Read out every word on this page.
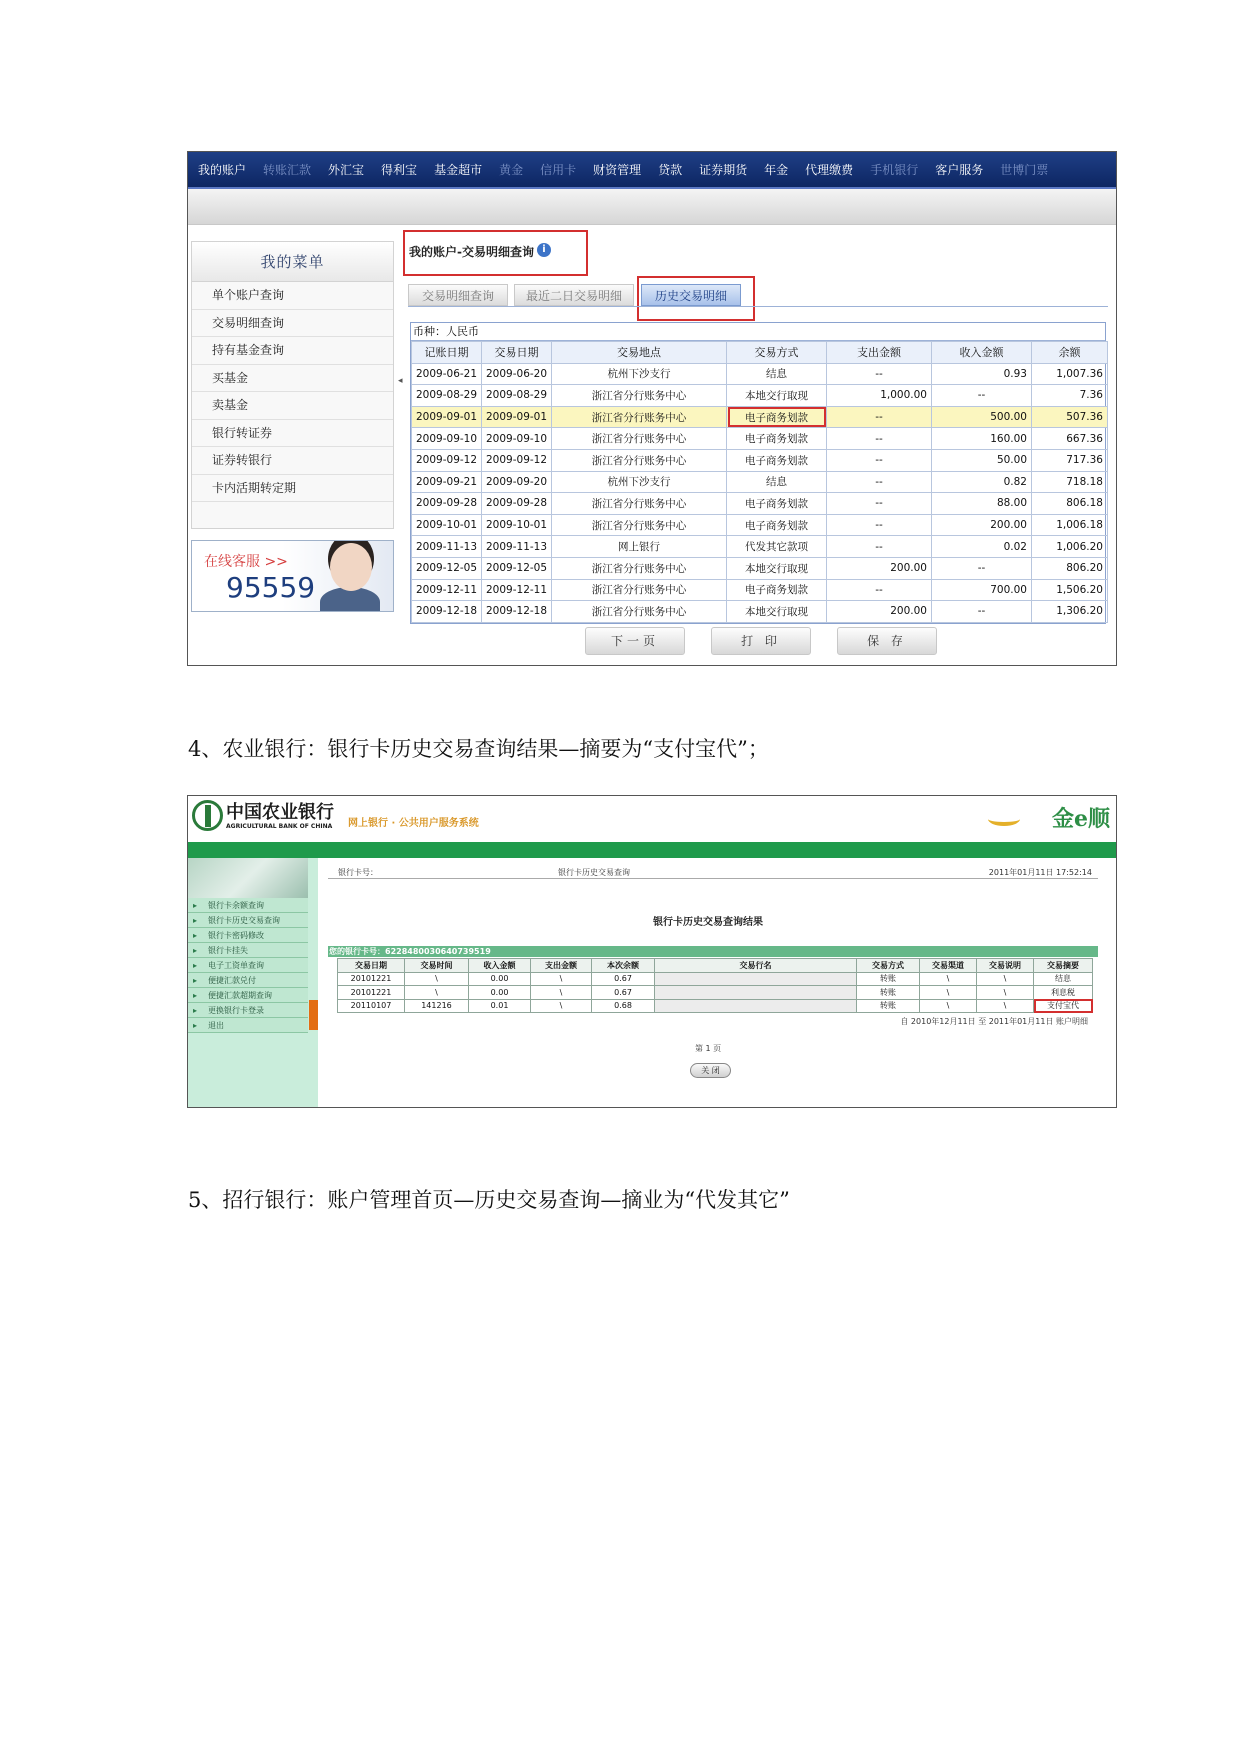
我的账户 转账汇款 外汇宝 得利宝 基金超市 黄金 信用卡 财资管理 贷款 证券期货 年金 代理缴费 手机银行 客户服务 世博门票
我的菜单
单个账户查询
交易明细查询
持有基金查询
买基金
卖基金
银行转证券
证券转银行
卡内活期转定期
在线客服 >>
95559
◂
我的账户-交易明细查询 i
交易明细查询	最近二日交易明细	历史交易明细
币种：人民币
记账日期	交易日期	交易地点	交易方式	支出金额	收入金额	余额
2009-06-21	2009-06-20	杭州下沙支行	结息	--	0.93	1,007.36
2009-08-29	2009-08-29	浙江省分行账务中心	本地交行取现	1,000.00	--	7.36
2009-09-01	2009-09-01	浙江省分行账务中心	电子商务划款	--	500.00	507.36
2009-09-10	2009-09-10	浙江省分行账务中心	电子商务划款	--	160.00	667.36
2009-09-12	2009-09-12	浙江省分行账务中心	电子商务划款	--	50.00	717.36
2009-09-21	2009-09-20	杭州下沙支行	结息	--	0.82	718.18
2009-09-28	2009-09-28	浙江省分行账务中心	电子商务划款	--	88.00	806.18
2009-10-01	2009-10-01	浙江省分行账务中心	电子商务划款	--	200.00	1,006.18
2009-11-13	2009-11-13	网上银行	代发其它款项	--	0.02	1,006.20
2009-12-05	2009-12-05	浙江省分行账务中心	本地交行取现	200.00	--	806.20
2009-12-11	2009-12-11	浙江省分行账务中心	电子商务划款	--	700.00	1,506.20
2009-12-18	2009-12-18	浙江省分行账务中心	本地交行取现	200.00	--	1,306.20
下一页	打 印	保 存
4、农业银行：银行卡历史交易查询结果—摘要为“支付宝代”；
中国农业银行
AGRICULTURAL BANK OF CHINA 网上银行 · 公共用户服务系统	金e顺
▸ 银行卡余额查询
▸ 银行卡历史交易查询
▸ 银行卡密码修改
▸ 银行卡挂失
▸ 电子工资单查询
▸ 便捷汇款兑付
▸ 便捷汇款超期查询
▸ 更换银行卡登录
▸ 退出
银行卡号：	银行卡历史交易查询	2011年01月11日 17:52:14
银行卡历史交易查询结果
您的银行卡号：6228480030640739519
交易日期	交易时间	收入金额	支出金额	本次余额	交易行名	交易方式	交易渠道	交易说明	交易摘要
20101221	\	0.00	\	0.67		转账	\	\	结息
20101221	\	0.00	\	0.67		转账	\	\	利息税
20110107	141216	0.01	\	0.68		转账	\	\	支付宝代
自 2010年12月11日 至 2011年01月11日 账户明细
第 1 页
关 闭
5、招行银行：账户管理首页—历史交易查询—摘业为“代发其它”
